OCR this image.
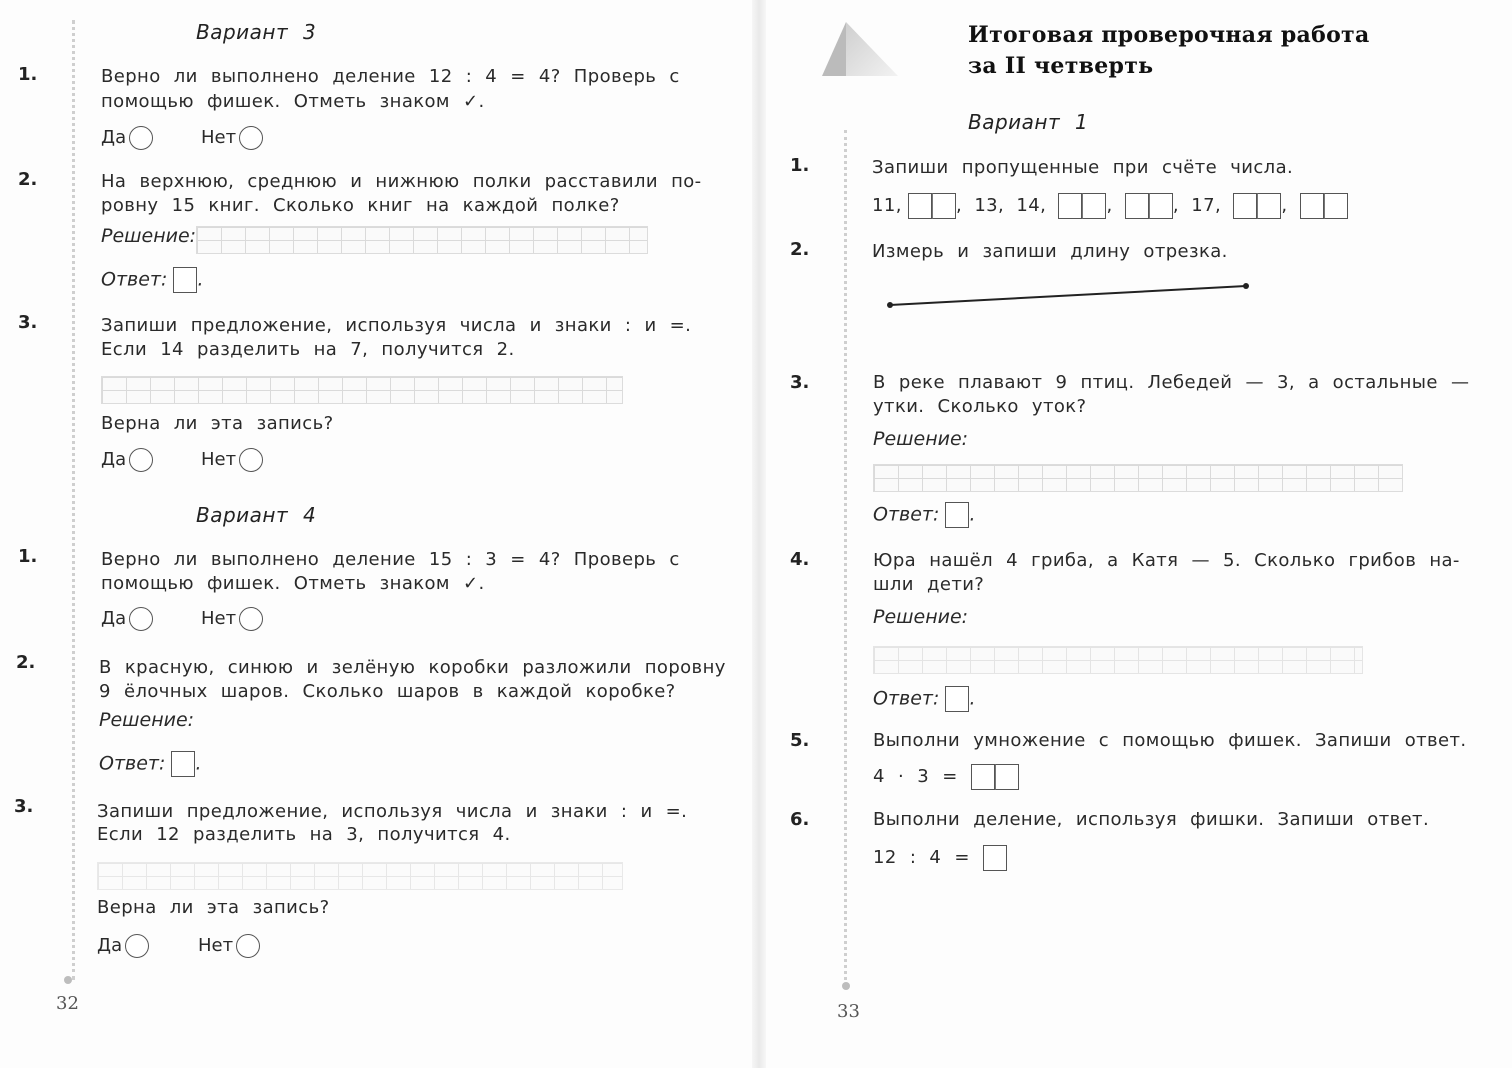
Вариант 3
1.	Верно ли выполнено деление 12 : 4 = 4? Проверь с
помощью фишек. Отметь знаком ✓.
Да	Нет
2.	На верхнюю, среднюю и нижнюю полки расставили по-
ровну 15 книг. Сколько книг на каждой полке?
Решение:
Ответ: .
3.	Запиши предложение, используя числа и знаки : и =.
Если 14 разделить на 7, получится 2.
Верна ли эта запись?
Да	Нет
Вариант 4
1.	Верно ли выполнено деление 15 : 3 = 4? Проверь с
помощью фишек. Отметь знаком ✓.
Да	Нет
2.	В красную, синюю и зелёную коробки разложили поровну
9 ёлочных шаров. Сколько шаров в каждой коробке?
Решение:
Ответ: .
3.	Запиши предложение, используя числа и знаки : и =.
Если 12 разделить на 3, получится 4.
Верна ли эта запись?
Да	Нет
32
Итоговая проверочная работа
за II четверть
Вариант 1
1.	Запиши пропущенные при счёте числа.
11,	, 13, 14,	,	, 17,	,
2.	Измерь и запиши длину отрезка.
3.	В реке плавают 9 птиц. Лебедей — 3, а остальные —
утки. Сколько уток?
Решение:
Ответ: .
4.	Юра нашёл 4 гриба, а Катя — 5. Сколько грибов на-
шли дети?
Решение:
Ответ: .
5.	Выполни умножение с помощью фишек. Запиши ответ.
4 · 3 =
6.	Выполни деление, используя фишки. Запиши ответ.
12 : 4 =
33
